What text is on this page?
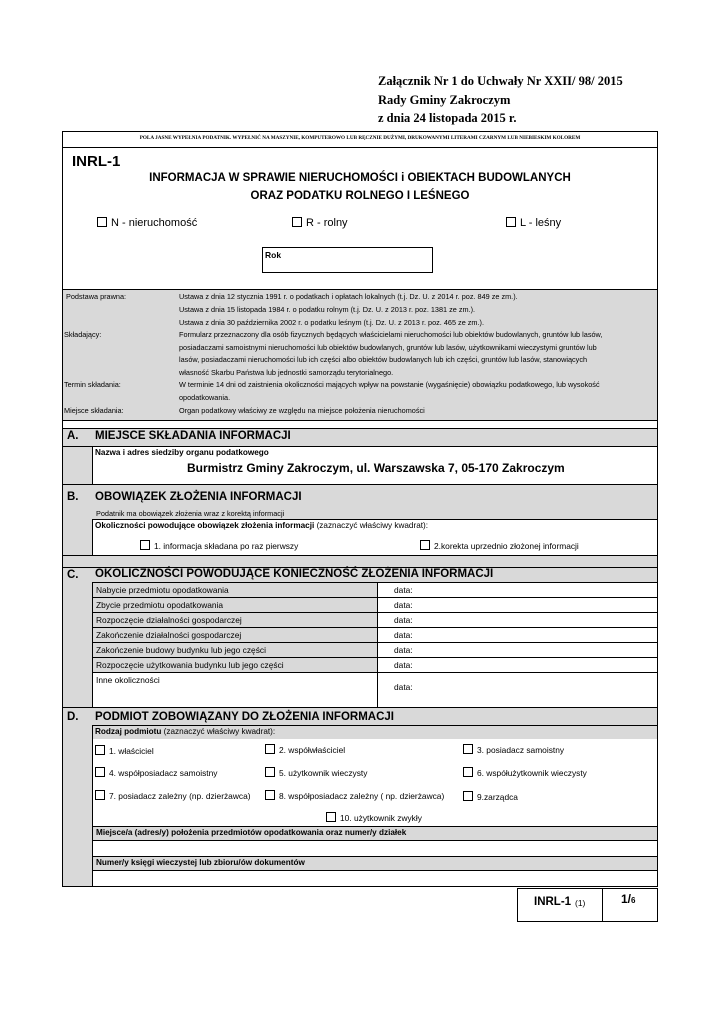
Załącznik Nr 1 do Uchwały Nr XXII/ 98/ 2015
Rady Gminy Zakroczym
z dnia 24 listopada 2015 r.
POLA JASNE WYPEŁNIA PODATNIK. WYPEŁNIĆ NA MASZYNIE, KOMPUTEROWO LUB RĘCZNIE DUŻYMI, DRUKOWANYMI LITERAMI CZARNYM LUB NIEBIESKIM KOLOREM
INRL-1
INFORMACJA W SPRAWIE NIERUCHOMOŚCI i OBIEKTACH BUDOWLANYCH
ORAZ PODATKU ROLNEGO I LEŚNEGO
N - nieruchomość	R - rolny	L - leśny
Rok
Podstawa prawna:	Ustawa z dnia 12 stycznia 1991 r. o podatkach i opłatach lokalnych (t.j. Dz. U. z 2014 r. poz. 849 ze zm.).
Ustawa z dnia 15 listopada 1984 r. o podatku rolnym (t.j. Dz. U. z 2013 r. poz. 1381 ze zm.).
Ustawa z dnia 30 października 2002 r. o podatku leśnym (t.j. Dz. U. z 2013 r. poz. 465 ze zm.).
Składający:	Formularz przeznaczony dla osób fizycznych będących właścicielami nieruchomości lub obiektów budowlanych, gruntów lub lasów,
posiadaczami samoistnymi nieruchomości lub obiektów budowlanych, gruntów lub lasów, użytkownikami wieczystymi gruntów lub
lasów, posiadaczami nieruchomości lub ich części albo obiektów budowlanych lub ich części, gruntów lub lasów, stanowiących
własność Skarbu Państwa lub jednostki samorządu terytorialnego.
Termin składania:	W terminie 14 dni od zaistnienia okoliczności mających wpływ na powstanie (wygaśnięcie) obowiązku podatkowego, lub wysokość
opodatkowania.
Miejsce składania:	Organ podatkowy właściwy ze względu na miejsce położenia nieruchomości
A. MIEJSCE SKŁADANIA INFORMACJI
Nazwa i adres siedziby organu podatkowego
Burmistrz Gminy Zakroczym, ul. Warszawska 7, 05-170 Zakroczym
B. OBOWIĄZEK ZŁOŻENIA INFORMACJI
Podatnik ma obowiązek złożenia wraz z korektą informacji
Okoliczności powodujące obowiązek złożenia informacji (zaznaczyć właściwy kwadrat):
1. informacja składana po raz pierwszy	2.korekta uprzednio złożonej informacji
C. OKOLICZNOŚCI POWODUJĄCE KONIECZNOŚĆ ZŁOŻENIA INFORMACJI
Nabycie przedmiotu opodatkowania	data:
Zbycie przedmiotu opodatkowania	data:
Rozpoczęcie działalności gospodarczej	data:
Zakończenie działalności gospodarczej	data:
Zakończenie budowy budynku lub jego części	data:
Rozpoczęcie użytkowania budynku lub jego części	data:
Inne okoliczności
data:
D. PODMIOT ZOBOWIĄZANY DO ZŁOŻENIA INFORMACJI
Rodzaj podmiotu (zaznaczyć właściwy kwadrat):
1. właściciel	2. współwłaściciel	3. posiadacz samoistny
4. współposiadacz samoistny	5. użytkownik wieczysty	6. współużytkownik wieczysty
7. posiadacz zależny (np. dzierżawca)	8. współposiadacz zależny ( np. dzierżawca)	9.zarządca
10. użytkownik zwykły
Miejsce/a (adres/y) położenia przedmiotów opodatkowania oraz numer/y działek
Numer/y księgi wieczystej lub zbioru/ów dokumentów
INRL-1 (1)	1/6
